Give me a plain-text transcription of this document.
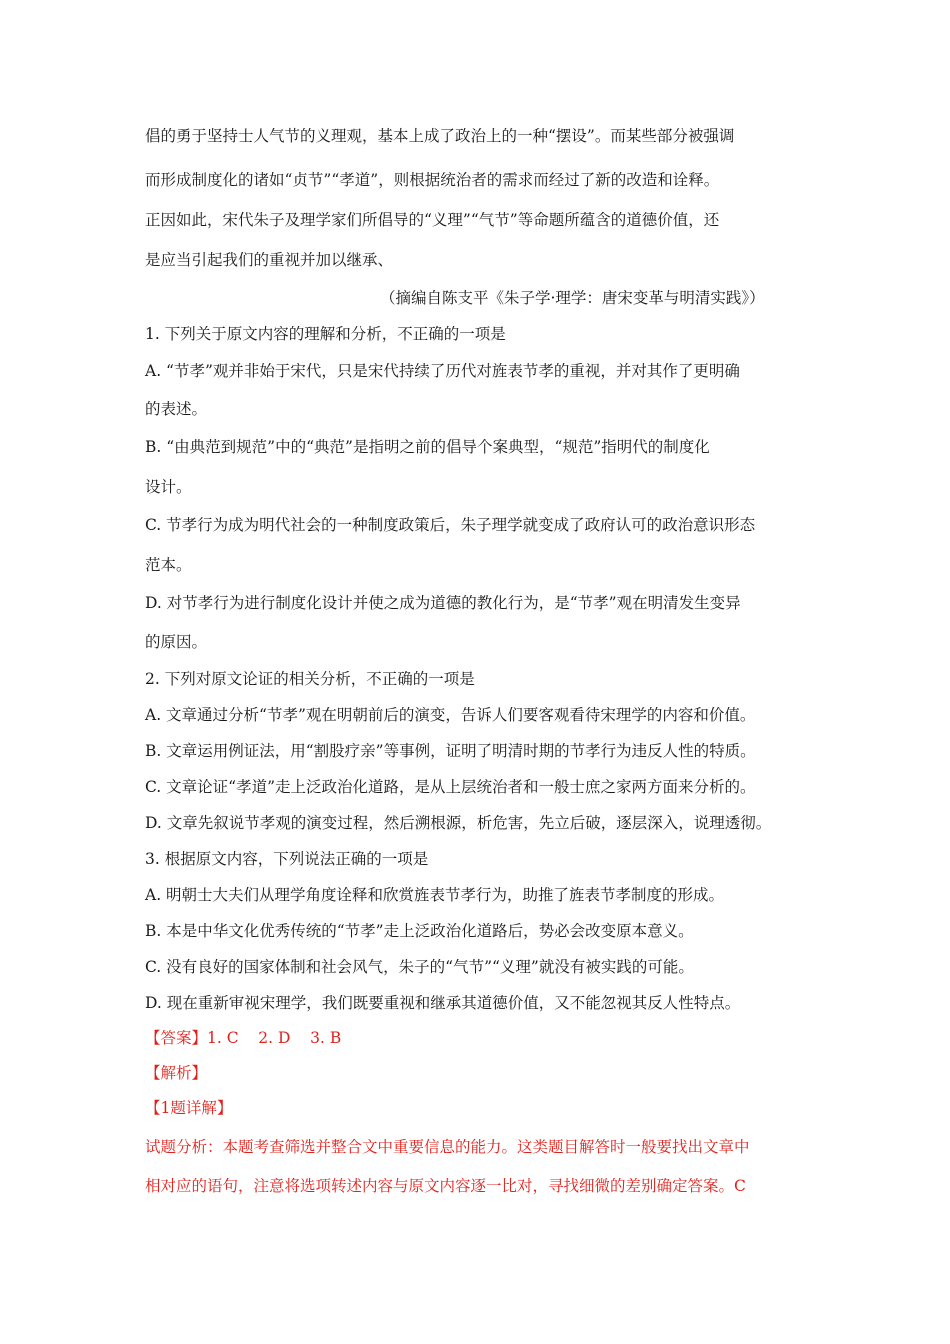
倡的勇于坚持士人气节的义理观，基本上成了政治上的一种“摆设”。而某些部分被强调
而形成制度化的诸如“贞节”“孝道”，则根据统治者的需求而经过了新的改造和诠释。
正因如此，宋代朱子及理学家们所倡导的“义理”“气节”等命题所蕴含的道德价值，还
是应当引起我们的重视并加以继承、
（摘编自陈支平《朱子学·理学：唐宋变革与明清实践》）
1. 下列关于原文内容的理解和分析，不正确的一项是
A. “节孝”观并非始于宋代，只是宋代持续了历代对旌表节孝的重视，并对其作了更明确
的表述。
B. “由典范到规范”中的“典范”是指明之前的倡导个案典型，“规范”指明代的制度化
设计。
C. 节孝行为成为明代社会的一种制度政策后，朱子理学就变成了政府认可的政治意识形态
范本。
D. 对节孝行为进行制度化设计并使之成为道德的教化行为，是“节孝”观在明清发生变异
的原因。
2. 下列对原文论证的相关分析，不正确的一项是
A. 文章通过分析“节孝”观在明朝前后的演变，告诉人们要客观看待宋理学的内容和价值。
B. 文章运用例证法，用“割股疗亲”等事例，证明了明清时期的节孝行为违反人性的特质。
C. 文章论证“孝道”走上泛政治化道路，是从上层统治者和一般士庶之家两方面来分析的。
D. 文章先叙说节孝观的演变过程，然后溯根源，析危害，先立后破，逐层深入，说理透彻。
3. 根据原文内容，下列说法正确的一项是
A. 明朝士大夫们从理学角度诠释和欣赏旌表节孝行为，助推了旌表节孝制度的形成。
B. 本是中华文化优秀传统的“节孝”走上泛政治化道路后，势必会改变原本意义。
C. 没有良好的国家体制和社会风气，朱子的“气节”“义理”就没有被实践的可能。
D. 现在重新审视宋理学，我们既要重视和继承其道德价值，又不能忽视其反人性特点。
【答案】1. C    2. D    3. B
【解析】
【1题详解】
试题分析：本题考查筛选并整合文中重要信息的能力。这类题目解答时一般要找出文章中
相对应的语句，注意将选项转述内容与原文内容逐一比对，寻找细微的差别确定答案。C
